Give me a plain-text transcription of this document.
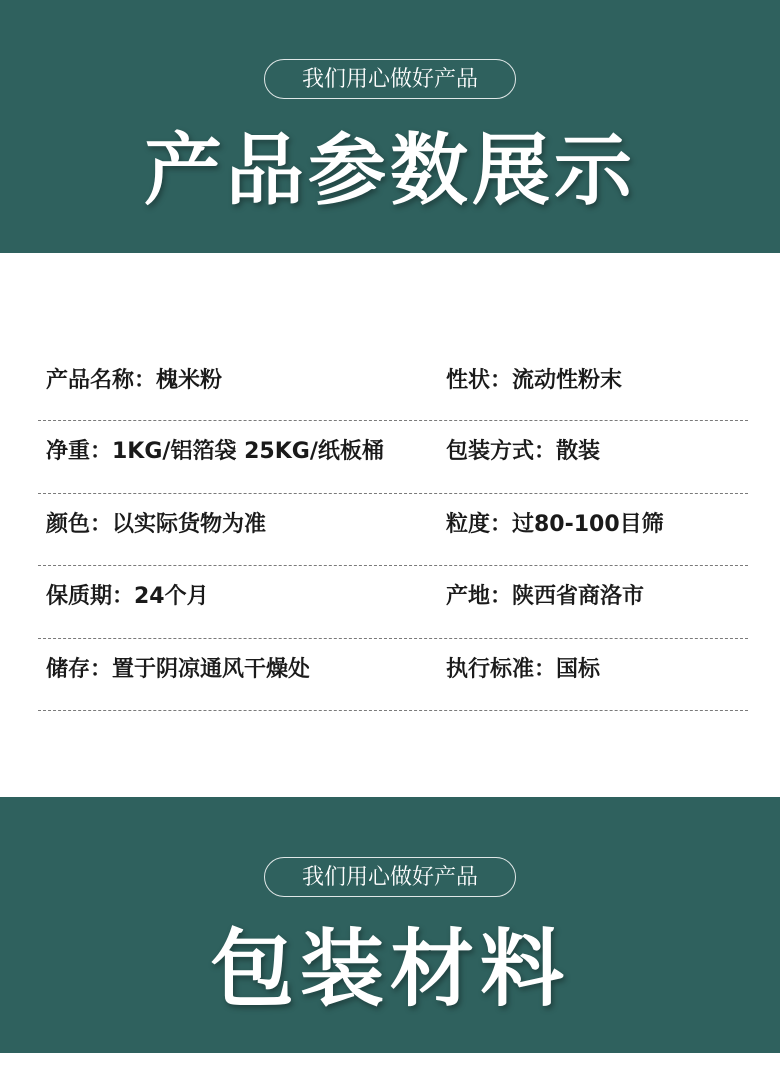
我们用心做好产品
产品参数展示
产品名称：槐米粉	性状：流动性粉末
净重：1KG/铝箔袋 25KG/纸板桶	包装方式：散装
颜色：以实际货物为准	粒度：过80-100目筛
保质期：24个月	产地：陕西省商洛市
储存：置于阴凉通风干燥处	执行标准：国标
我们用心做好产品
包装材料
